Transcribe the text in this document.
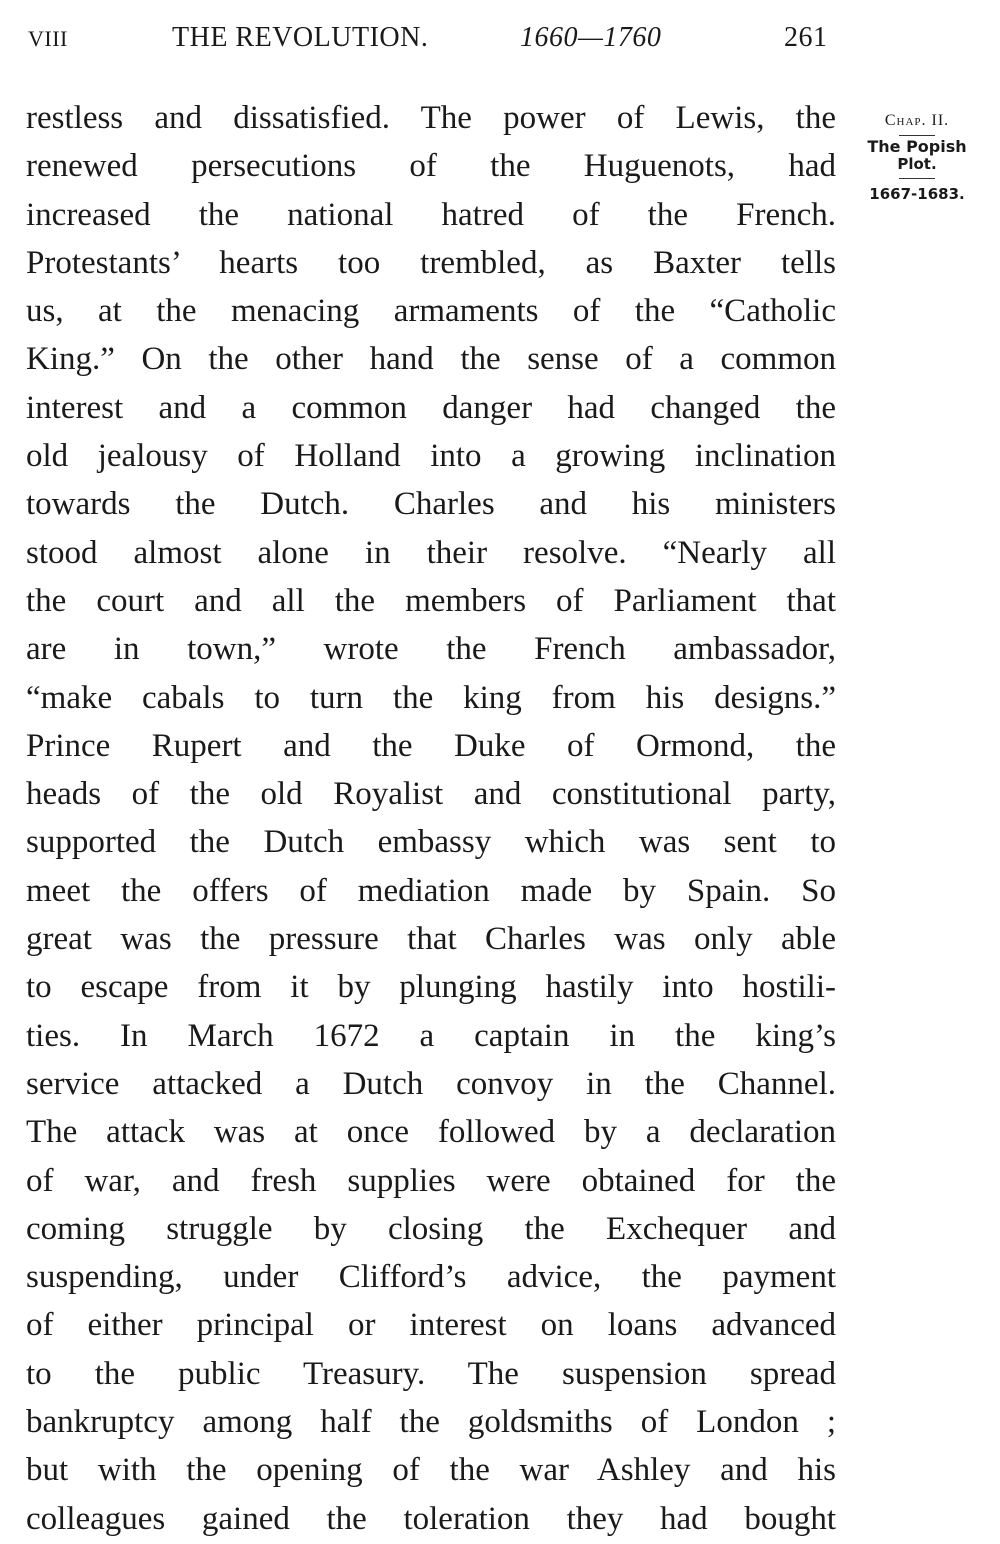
VIII	THE REVOLUTION.	1660—1760	261
Chap. II.
The Popish
Plot.
1667-1683.
restless and dissatisfied. The power of Lewis, the
renewed persecutions of the Huguenots, had
increased the national hatred of the French.
Protestants’ hearts too trembled, as Baxter tells
us, at the menacing armaments of the “Catholic
King.” On the other hand the sense of a common
interest and a common danger had changed the
old jealousy of Holland into a growing inclination
towards the Dutch. Charles and his ministers
stood almost alone in their resolve. “Nearly all
the court and all the members of Parliament that
are in town,” wrote the French ambassador,
“make cabals to turn the king from his designs.”
Prince Rupert and the Duke of Ormond, the
heads of the old Royalist and constitutional party,
supported the Dutch embassy which was sent to
meet the offers of mediation made by Spain. So
great was the pressure that Charles was only able
to escape from it by plunging hastily into hostili-
ties. In March 1672 a captain in the king’s
service attacked a Dutch convoy in the Channel.
The attack was at once followed by a declaration
of war, and fresh supplies were obtained for the
coming struggle by closing the Exchequer and
suspending, under Clifford’s advice, the payment
of either principal or interest on loans advanced
to the public Treasury. The suspension spread
bankruptcy among half the goldsmiths of London ;
but with the opening of the war Ashley and his
colleagues gained the toleration they had bought
